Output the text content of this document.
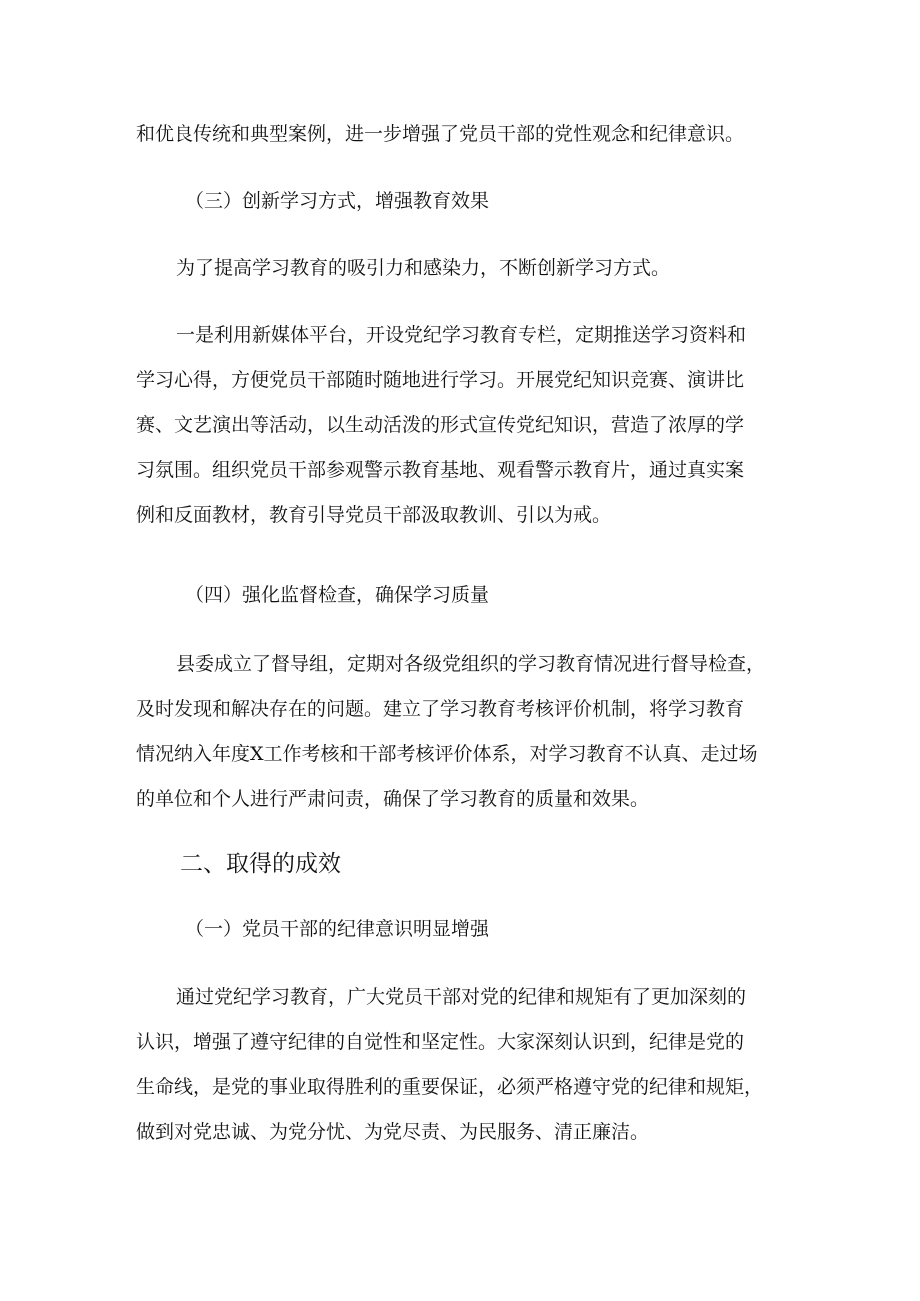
和优良传统和典型案例，进一步增强了党员干部的党性观念和纪律意识。

（三）创新学习方式，增强教育效果

为了提高学习教育的吸引力和感染力，不断创新学习方式。

一是利用新媒体平台，开设党纪学习教育专栏，定期推送学习资料和
学习心得，方便党员干部随时随地进行学习。开展党纪知识竞赛、演讲比
赛、文艺演出等活动，以生动活泼的形式宣传党纪知识，营造了浓厚的学
习氛围。组织党员干部参观警示教育基地、观看警示教育片，通过真实案
例和反面教材，教育引导党员干部汲取教训、引以为戒。

（四）强化监督检查，确保学习质量

县委成立了督导组，定期对各级党组织的学习教育情况进行督导检查，
及时发现和解决存在的问题。建立了学习教育考核评价机制，将学习教育
情况纳入年度X工作考核和干部考核评价体系，对学习教育不认真、走过场
的单位和个人进行严肃问责，确保了学习教育的质量和效果。

二、取得的成效

（一）党员干部的纪律意识明显增强

通过党纪学习教育，广大党员干部对党的纪律和规矩有了更加深刻的
认识，增强了遵守纪律的自觉性和坚定性。大家深刻认识到，纪律是党的
生命线，是党的事业取得胜利的重要保证，必须严格遵守党的纪律和规矩，
做到对党忠诚、为党分忧、为党尽责、为民服务、清正廉洁。
